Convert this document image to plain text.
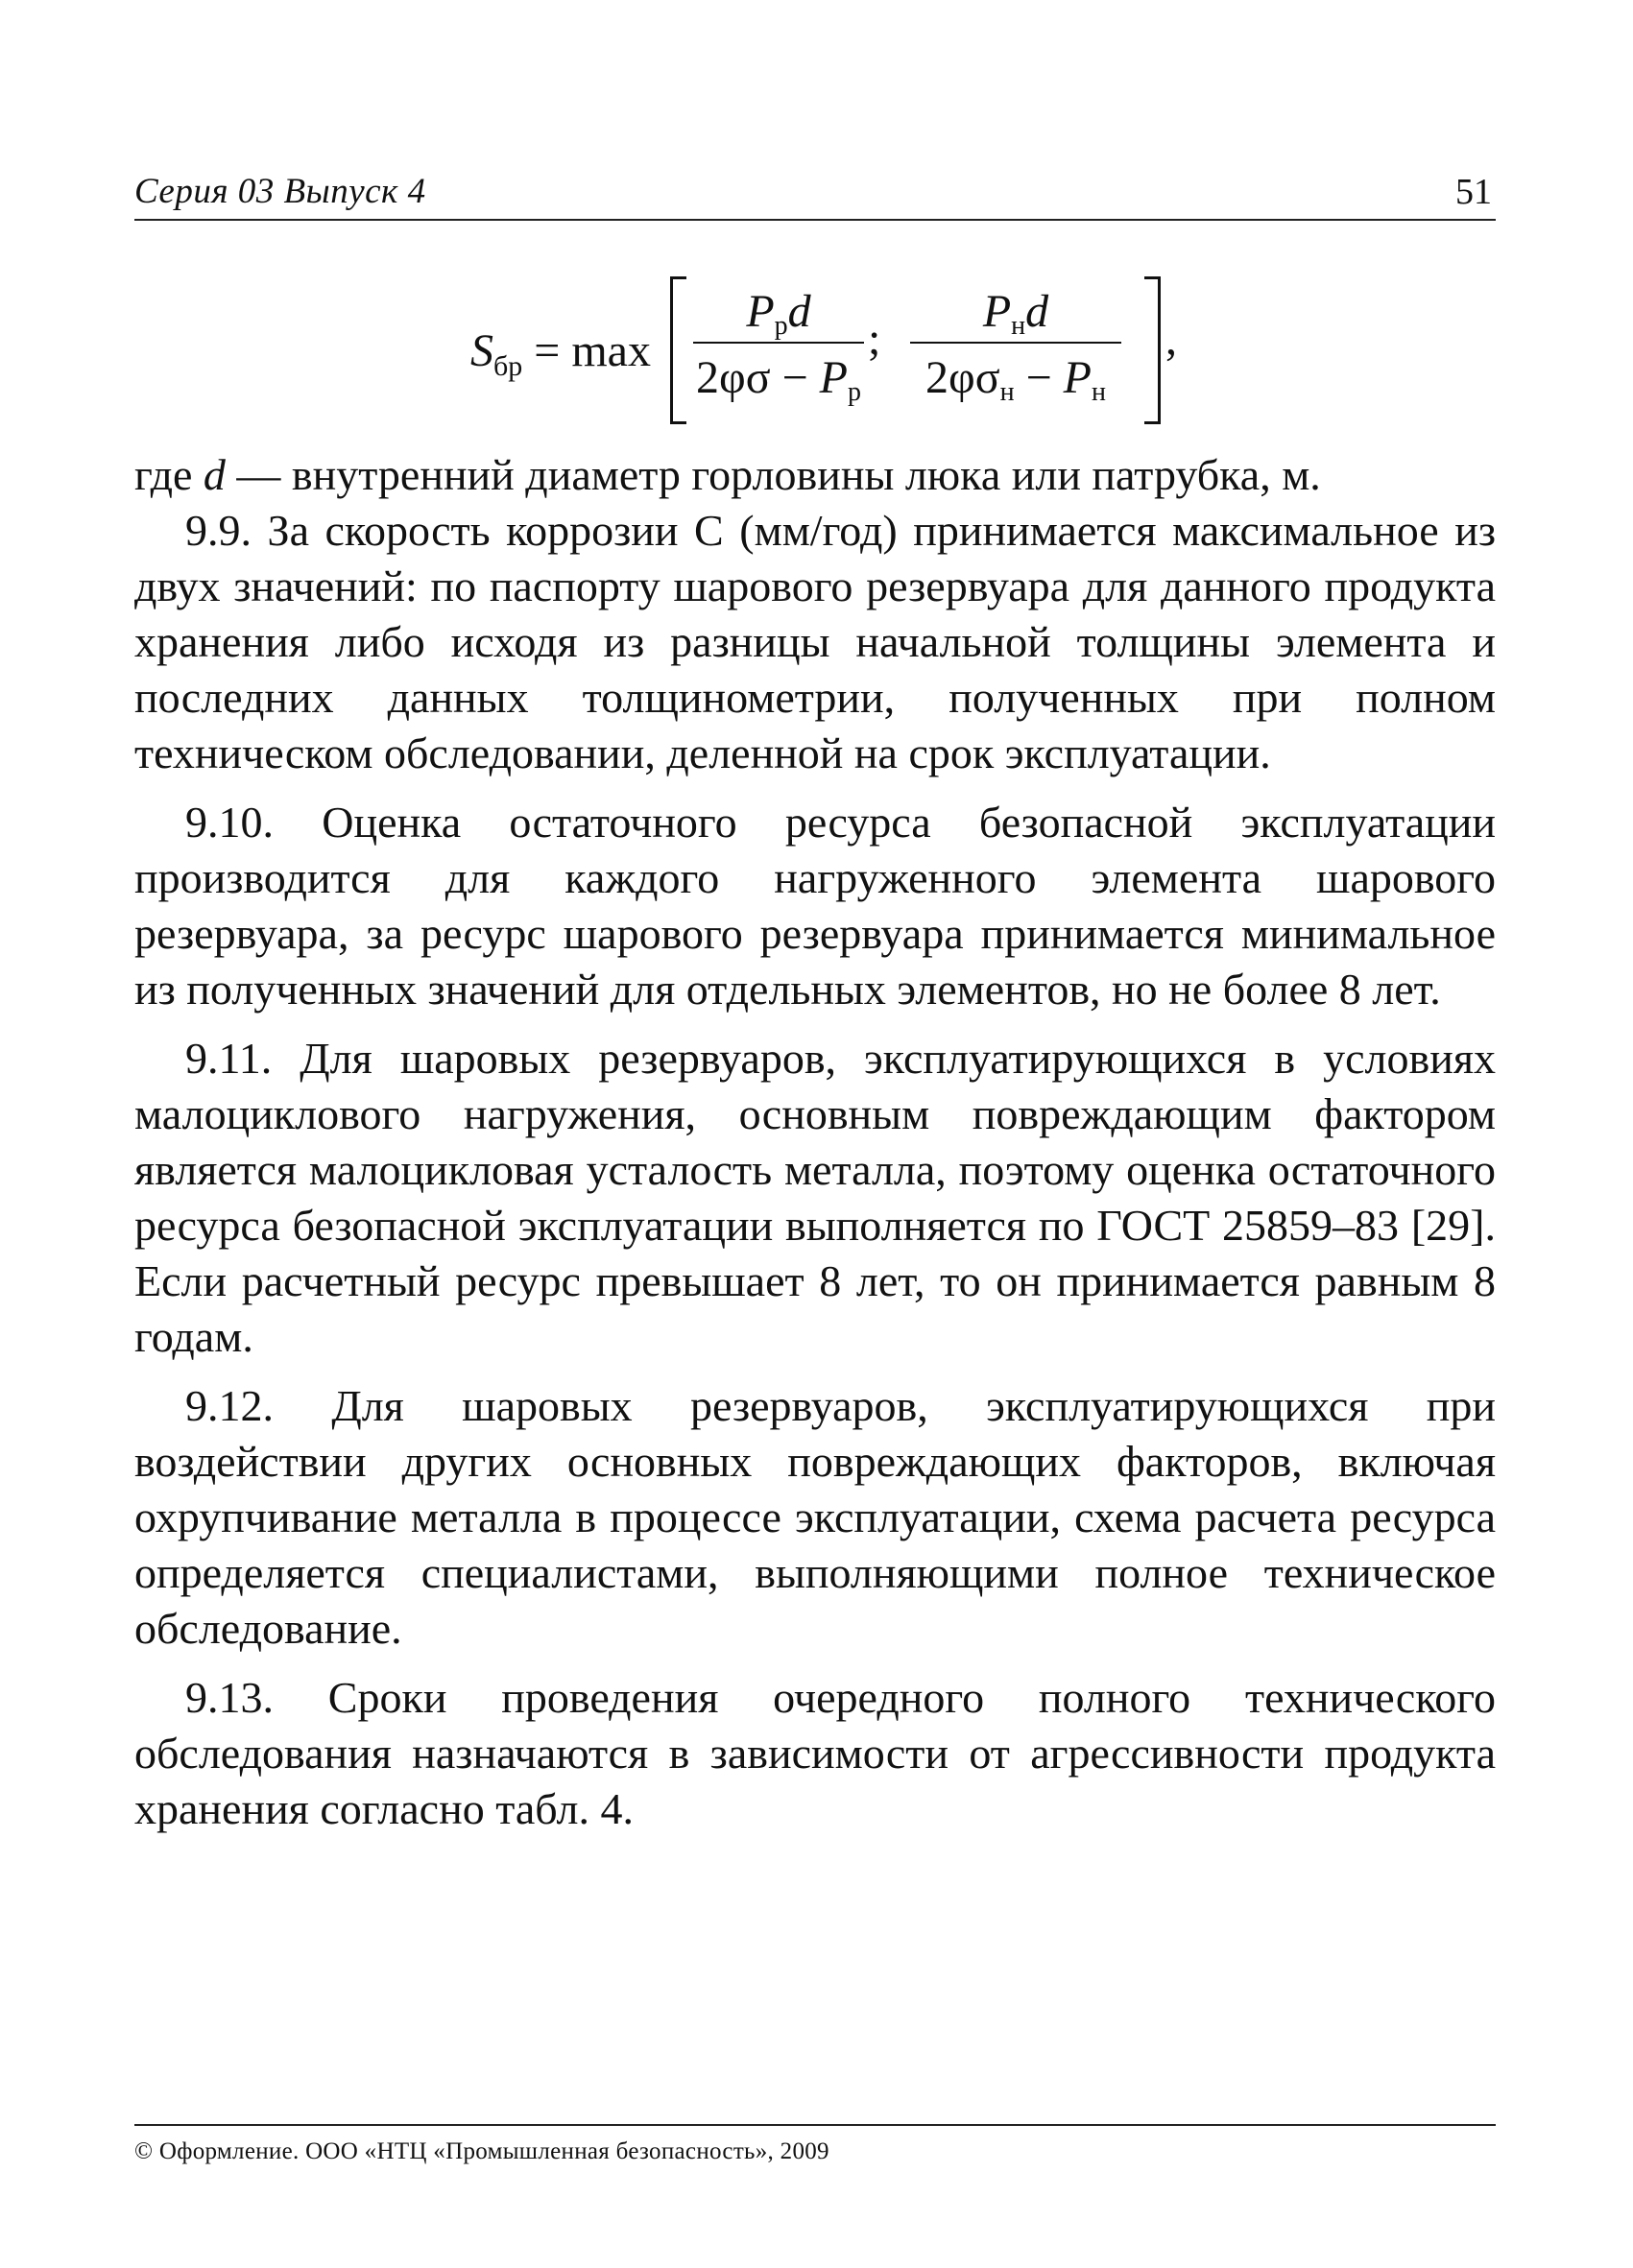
Серия 03 Выпуск 4	51
$S_{бр} = \max$
$P_рd$
$2\varphi\sigma - P_р$
;
$P_нd$
$2\varphi\sigma_н - P_н$
,

где d — внутренний диаметр горловины люка или патрубка, м.

9.9. За скорость коррозии С (мм/год) принимается максимальное из двух значений: по паспорту шарового резервуара для данного продукта хранения либо исходя из разницы начальной толщины элемента и последних данных толщинометрии, полученных при полном техническом обследовании, деленной на срок эксплуатации.

9.10. Оценка остаточного ресурса безопасной эксплуатации производится для каждого нагруженного элемента шарового резервуара, за ресурс шарового резервуара принимается минимальное из полученных значений для отдельных элементов, но не более 8 лет.

9.11. Для шаровых резервуаров, эксплуатирующихся в условиях малоциклового нагружения, основным повреждающим фактором является малоцикловая усталость металла, поэтому оценка остаточного ресурса безопасной эксплуатации выполняется по ГОСТ 25859–83 [29]. Если расчетный ресурс превышает 8 лет, то он принимается равным 8 годам.

9.12. Для шаровых резервуаров, эксплуатирующихся при воздействии других основных повреждающих факторов, включая охрупчивание металла в процессе эксплуатации, схема расчета ресурса определяется специалистами, выполняющими полное техническое обследование.

9.13. Сроки проведения очередного полного технического обследования назначаются в зависимости от агрессивности продукта хранения согласно табл. 4.

© Оформление. ООО «НТЦ «Промышленная безопасность», 2009
